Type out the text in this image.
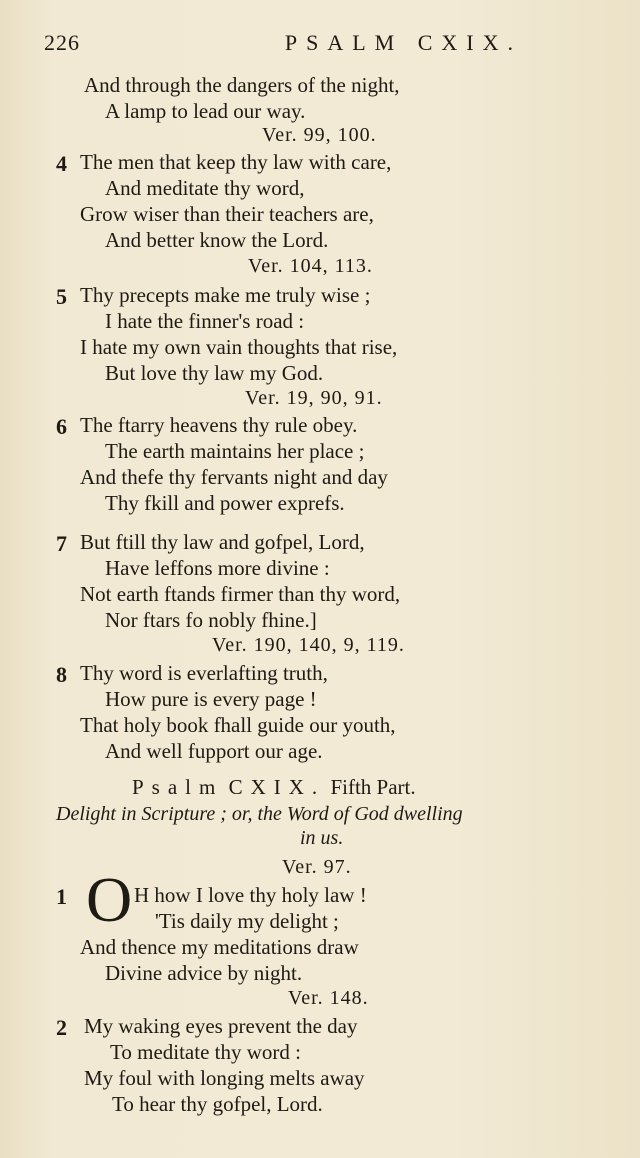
226	PSALM CXIX.
And through the dangers of the night,
A lamp to lead our way.
Ver. 99, 100.
4 The men that keep thy law with care,
And meditate thy word,
Grow wiser than their teachers are,
And better know the Lord.
Ver. 104, 113.
5 Thy precepts make me truly wise ;
I hate the finner's road :
I hate my own vain thoughts that rise,
But love thy law my God.
Ver. 19, 90, 91.
6 The ftarry heavens thy rule obey.
The earth maintains her place ;
And thefe thy fervants night and day
Thy fkill and power exprefs.
7 But ftill thy law and gofpel, Lord,
Have leffons more divine :
Not earth ftands firmer than thy word,
Nor ftars fo nobly fhine.]
Ver. 190, 140, 9, 119.
8 Thy word is everlafting truth,
How pure is every page !
That holy book fhall guide our youth,
And well fupport our age.
Psalm CXIX. Fifth Part.
Delight in Scripture ; or, the Word of God dwelling
in us.
Ver. 97.
1 O H how I love thy holy law !
'Tis daily my delight ;
And thence my meditations draw
Divine advice by night.
Ver. 148.
2 My waking eyes prevent the day
To meditate thy word :
My foul with longing melts away
To hear thy gofpel, Lord.
